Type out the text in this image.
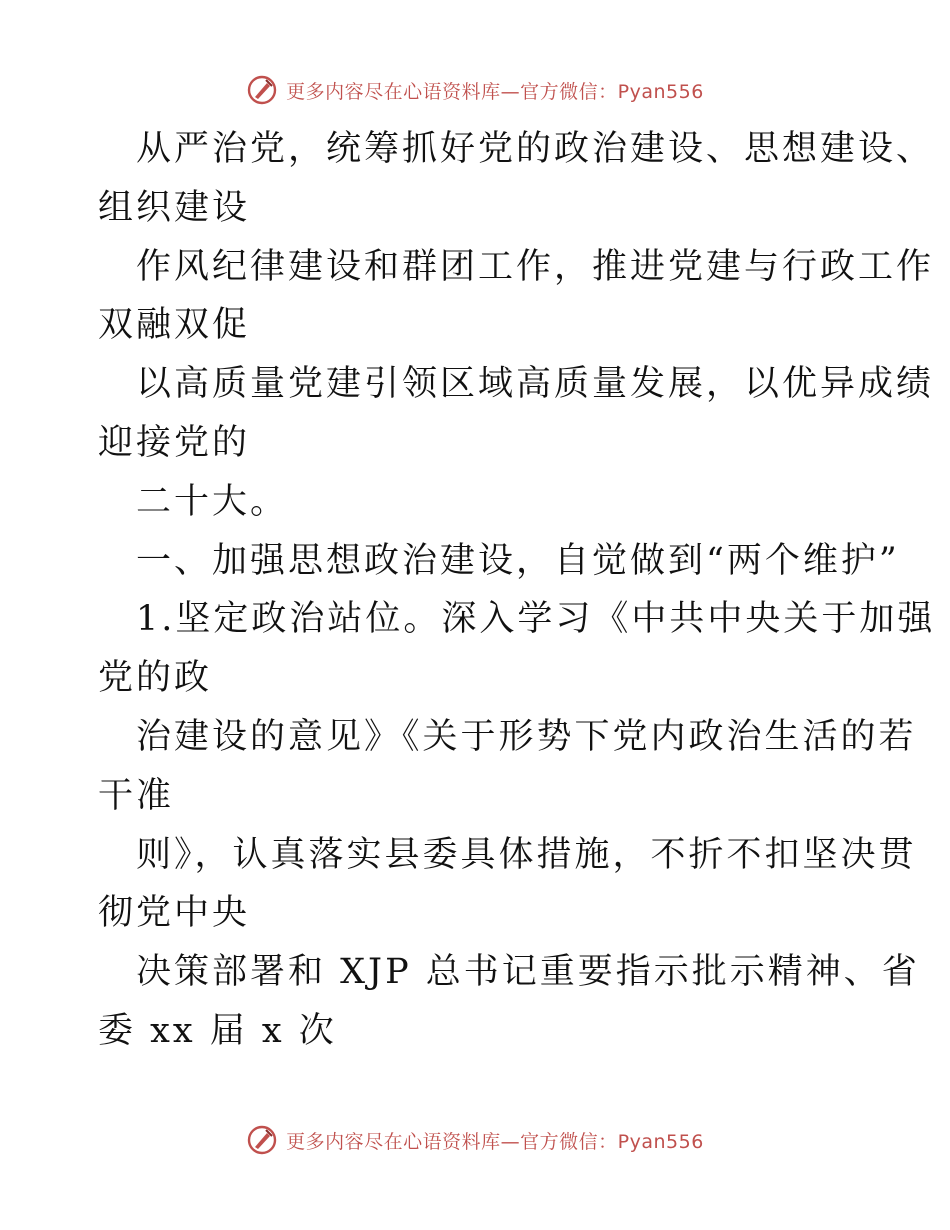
更多内容尽在心语资料库—官方微信：Pyan556
从严治党，统筹抓好党的政治建设、思想建设、
组织建设
作风纪律建设和群团工作，推进党建与行政工作
双融双促
以高质量党建引领区域高质量发展，以优异成绩
迎接党的
二十大。
一、加强思想政治建设，自觉做到“两个维护”
1.坚定政治站位。深入学习《中共中央关于加强
党的政
治建设的意见》《关于形势下党内政治生活的若
干准
则》，认真落实县委具体措施，不折不扣坚决贯
彻党中央
决策部署和 XJP 总书记重要指示批示精神、省
委 xx 届 x 次
更多内容尽在心语资料库—官方微信：Pyan556
